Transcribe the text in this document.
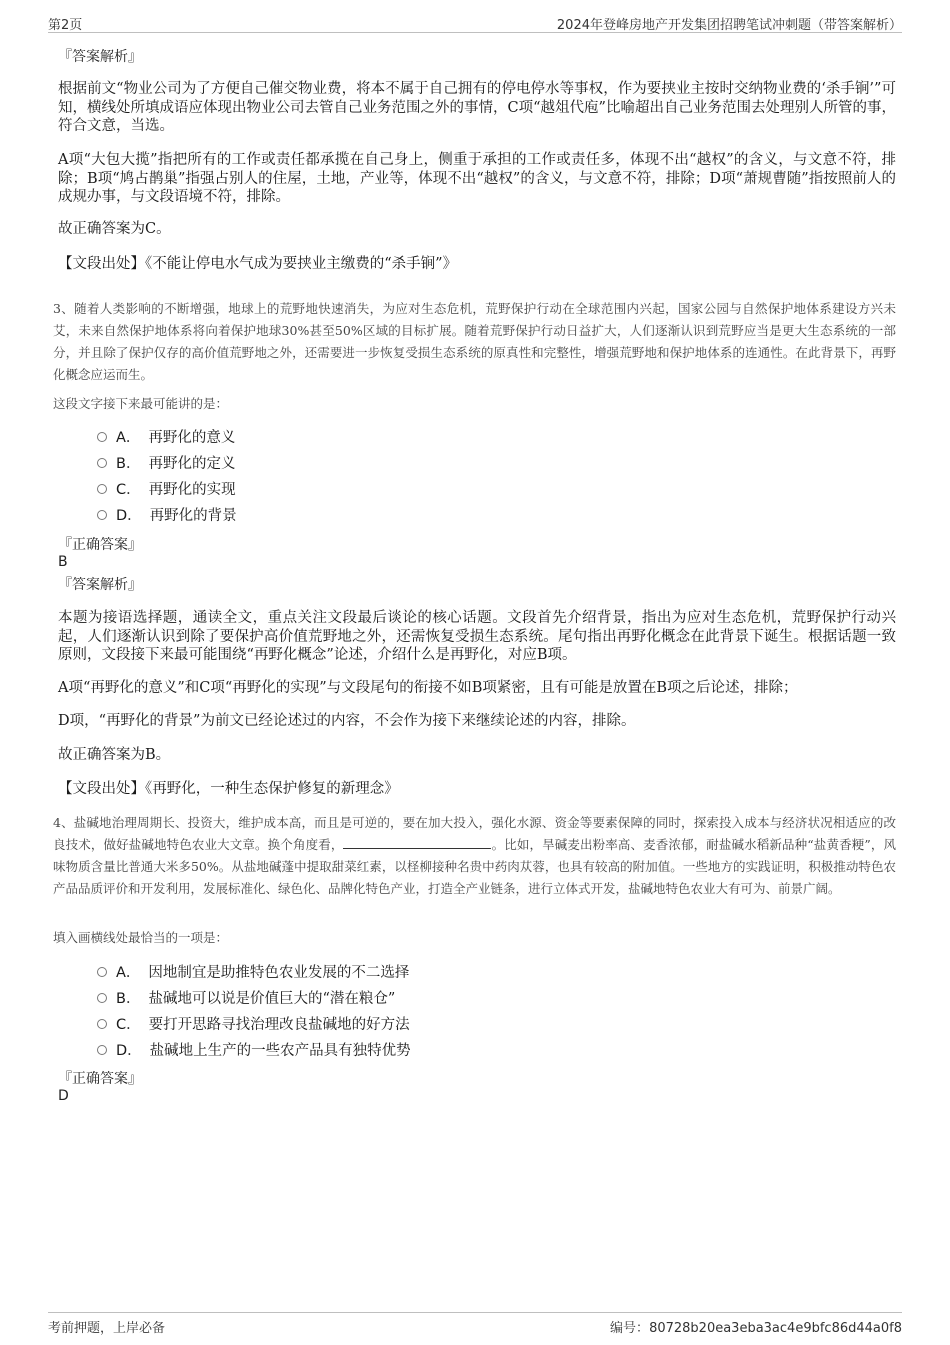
第2页	2024年登峰房地产开发集团招聘笔试冲刺题（带答案解析）
『答案解析』
根据前文“物业公司为了方便自己催交物业费，将本不属于自己拥有的停电停水等事权，作为要挟业主按时交纳物业费的‘杀手锏’”可知，横线处所填成语应体现出物业公司去管自己业务范围之外的事情，C项“越俎代庖”比喻超出自己业务范围去处理别人所管的事，符合文意，当选。
A项“大包大揽”指把所有的工作或责任都承揽在自己身上，侧重于承担的工作或责任多，体现不出“越权”的含义，与文意不符，排除；B项“鸠占鹊巢”指强占别人的住屋，土地，产业等，体现不出“越权”的含义，与文意不符，排除；D项“萧规曹随”指按照前人的成规办事，与文段语境不符，排除。
故正确答案为C。
【文段出处】《不能让停电水气成为要挟业主缴费的“杀手锏”》
3、随着人类影响的不断增强，地球上的荒野地快速消失，为应对生态危机，荒野保护行动在全球范围内兴起，国家公园与自然保护地体系建设方兴未艾，未来自然保护地体系将向着保护地球30%甚至50%区域的目标扩展。随着荒野保护行动日益扩大，人们逐渐认识到荒野应当是更大生态系统的一部分，并且除了保护仅存的高价值荒野地之外，还需要进一步恢复受损生态系统的原真性和完整性，增强荒野地和保护地体系的连通性。在此背景下，再野化概念应运而生。
这段文字接下来最可能讲的是：
A． 再野化的意义
B． 再野化的定义
C． 再野化的实现
D． 再野化的背景
『正确答案』
B
『答案解析』
本题为接语选择题，通读全文，重点关注文段最后谈论的核心话题。文段首先介绍背景，指出为应对生态危机，荒野保护行动兴起，人们逐渐认识到除了要保护高价值荒野地之外，还需恢复受损生态系统。尾句指出再野化概念在此背景下诞生。根据话题一致原则，文段接下来最可能围绕“再野化概念”论述，介绍什么是再野化，对应B项。
A项“再野化的意义”和C项“再野化的实现”与文段尾句的衔接不如B项紧密，且有可能是放置在B项之后论述，排除；
D项，“再野化的背景”为前文已经论述过的内容，不会作为接下来继续论述的内容，排除。
故正确答案为B。
【文段出处】《再野化，一种生态保护修复的新理念》
4、盐碱地治理周期长、投资大，维护成本高，而且是可逆的，要在加大投入，强化水源、资金等要素保障的同时，探索投入成本与经济状况相适应的改良技术，做好盐碱地特色农业大文章。换个角度看，	。比如，旱碱麦出粉率高、麦香浓郁，耐盐碱水稻新品种“盐黄香粳”，风味物质含量比普通大米多50%。从盐地碱蓬中提取甜菜红素，以柽柳接种名贵中药肉苁蓉，也具有较高的附加值。一些地方的实践证明，积极推动特色农产品品质评价和开发利用，发展标准化、绿色化、品牌化特色产业，打造全产业链条，进行立体式开发，盐碱地特色农业大有可为、前景广阔。
填入画横线处最恰当的一项是：
A． 因地制宜是助推特色农业发展的不二选择
B． 盐碱地可以说是价值巨大的“潜在粮仓”
C． 要打开思路寻找治理改良盐碱地的好方法
D． 盐碱地上生产的一些农产品具有独特优势
『正确答案』
D
考前押题，上岸必备	编号：80728b20ea3eba3ac4e9bfc86d44a0f8
